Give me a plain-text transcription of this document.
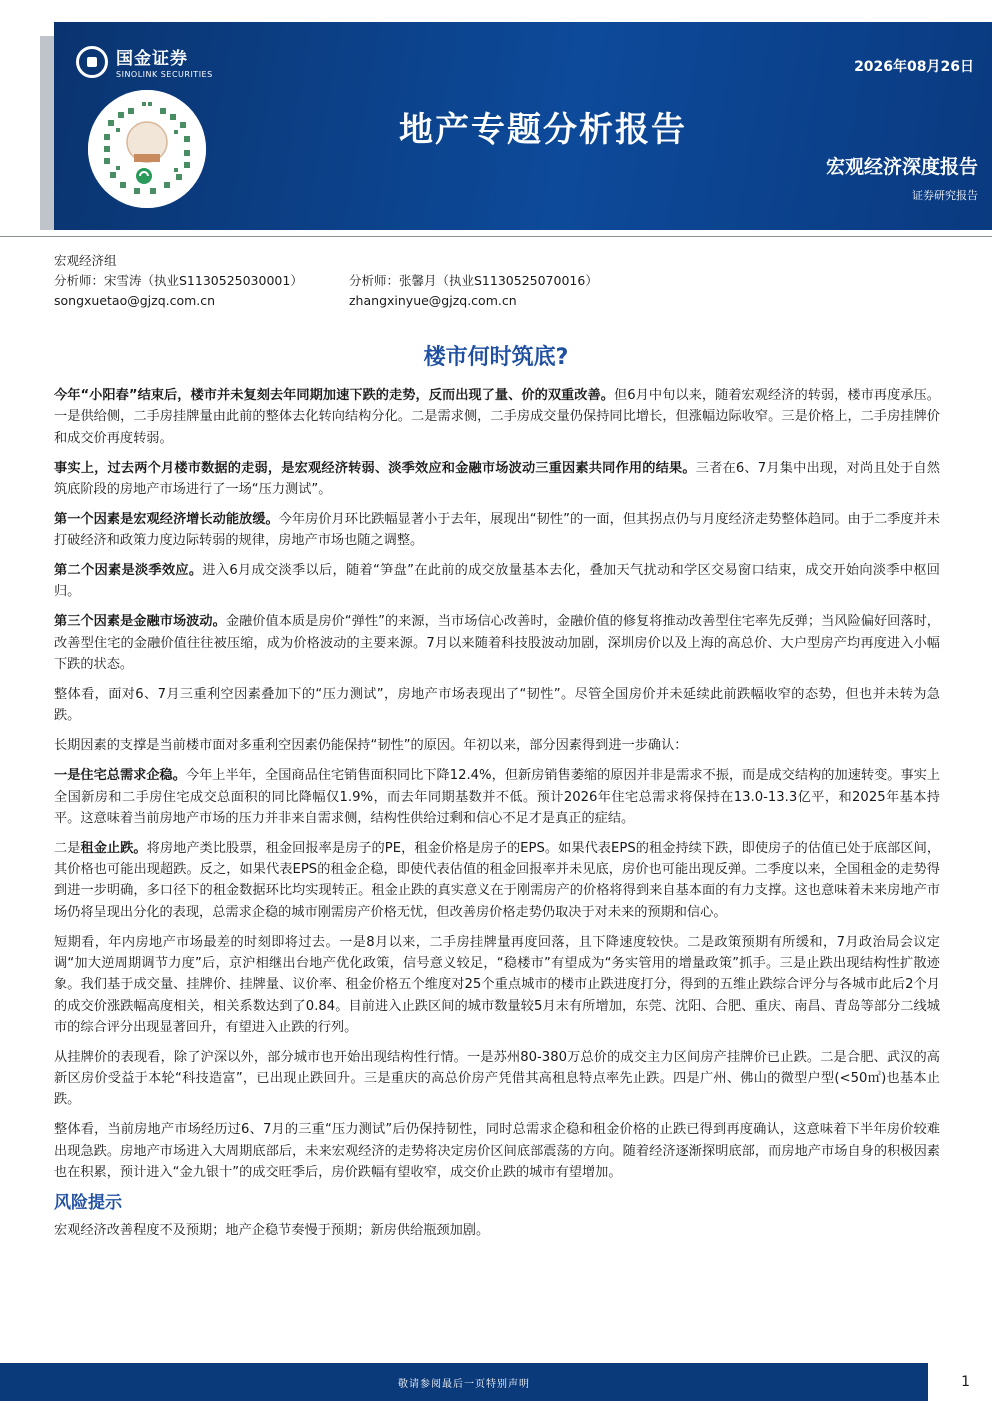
国金证券
SINOLINK SECURITIES	2026年08月26日
地产专题分析报告
宏观经济深度报告
证券研究报告
宏观经济组
分析师：宋雪涛（执业S1130525030001）	分析师：张馨月（执业S1130525070016）
songxuetao@gjzq.com.cn	zhangxinyue@gjzq.com.cn
楼市何时筑底?

今年“小阳春”结束后，楼市并未复刻去年同期加速下跌的走势，反而出现了量、价的双重改善。但6月中旬以来，随着宏观经济的转弱，楼市再度承压。一是供给侧，二手房挂牌量由此前的整体去化转向结构分化。二是需求侧，二手房成交量仍保持同比增长，但涨幅边际收窄。三是价格上，二手房挂牌价和成交价再度转弱。

事实上，过去两个月楼市数据的走弱，是宏观经济转弱、淡季效应和金融市场波动三重因素共同作用的结果。三者在6、7月集中出现，对尚且处于自然筑底阶段的房地产市场进行了一场“压力测试”。

第一个因素是宏观经济增长动能放缓。今年房价月环比跌幅显著小于去年，展现出“韧性”的一面，但其拐点仍与月度经济走势整体趋同。由于二季度并未打破经济和政策力度边际转弱的规律，房地产市场也随之调整。

第二个因素是淡季效应。进入6月成交淡季以后，随着“笋盘”在此前的成交放量基本去化，叠加天气扰动和学区交易窗口结束，成交开始向淡季中枢回归。

第三个因素是金融市场波动。金融价值本质是房价“弹性”的来源，当市场信心改善时，金融价值的修复将推动改善型住宅率先反弹；当风险偏好回落时，改善型住宅的金融价值往往被压缩，成为价格波动的主要来源。7月以来随着科技股波动加剧，深圳房价以及上海的高总价、大户型房产均再度进入小幅下跌的状态。

整体看，面对6、7月三重利空因素叠加下的“压力测试”，房地产市场表现出了“韧性”。尽管全国房价并未延续此前跌幅收窄的态势，但也并未转为急跌。

长期因素的支撑是当前楼市面对多重利空因素仍能保持“韧性”的原因。年初以来，部分因素得到进一步确认：

一是住宅总需求企稳。今年上半年，全国商品住宅销售面积同比下降12.4%，但新房销售萎缩的原因并非是需求不振，而是成交结构的加速转变。事实上全国新房和二手房住宅成交总面积的同比降幅仅1.9%，而去年同期基数并不低。预计2026年住宅总需求将保持在13.0-13.3亿平，和2025年基本持平。这意味着当前房地产市场的压力并非来自需求侧，结构性供给过剩和信心不足才是真正的症结。

二是租金止跌。将房地产类比股票，租金回报率是房子的PE，租金价格是房子的EPS。如果代表EPS的租金持续下跌，即使房子的估值已处于底部区间，其价格也可能出现超跌。反之，如果代表EPS的租金企稳，即使代表估值的租金回报率并未见底，房价也可能出现反弹。二季度以来，全国租金的走势得到进一步明确，多口径下的租金数据环比均实现转正。租金止跌的真实意义在于刚需房产的价格将得到来自基本面的有力支撑。这也意味着未来房地产市场仍将呈现出分化的表现，总需求企稳的城市刚需房产价格无忧，但改善房价格走势仍取决于对未来的预期和信心。

短期看，年内房地产市场最差的时刻即将过去。一是8月以来，二手房挂牌量再度回落，且下降速度较快。二是政策预期有所缓和，7月政治局会议定调“加大逆周期调节力度”后，京沪相继出台地产优化政策，信号意义较足，“稳楼市”有望成为“务实管用的增量政策”抓手。三是止跌出现结构性扩散迹象。我们基于成交量、挂牌价、挂牌量、议价率、租金价格五个维度对25个重点城市的楼市止跌进度打分，得到的五维止跌综合评分与各城市此后2个月的成交价涨跌幅高度相关，相关系数达到了0.84。目前进入止跌区间的城市数量较5月末有所增加，东莞、沈阳、合肥、重庆、南昌、青岛等部分二线城市的综合评分出现显著回升，有望进入止跌的行列。

从挂牌价的表现看，除了沪深以外，部分城市也开始出现结构性行情。一是苏州80-380万总价的成交主力区间房产挂牌价已止跌。二是合肥、武汉的高新区房价受益于本轮“科技造富”，已出现止跌回升。三是重庆的高总价房产凭借其高租息特点率先止跌。四是广州、佛山的微型户型(<50㎡)也基本止跌。

整体看，当前房地产市场经历过6、7月的三重“压力测试”后仍保持韧性，同时总需求企稳和租金价格的止跌已得到再度确认，这意味着下半年房价较难出现急跌。房地产市场进入大周期底部后，未来宏观经济的走势将决定房价区间底部震荡的方向。随着经济逐渐探明底部，而房地产市场自身的积极因素也在积累，预计进入“金九银十”的成交旺季后，房价跌幅有望收窄，成交价止跌的城市有望增加。

风险提示

宏观经济改善程度不及预期；地产企稳节奏慢于预期；新房供给瓶颈加剧。

敬请参阅最后一页特别声明	1
